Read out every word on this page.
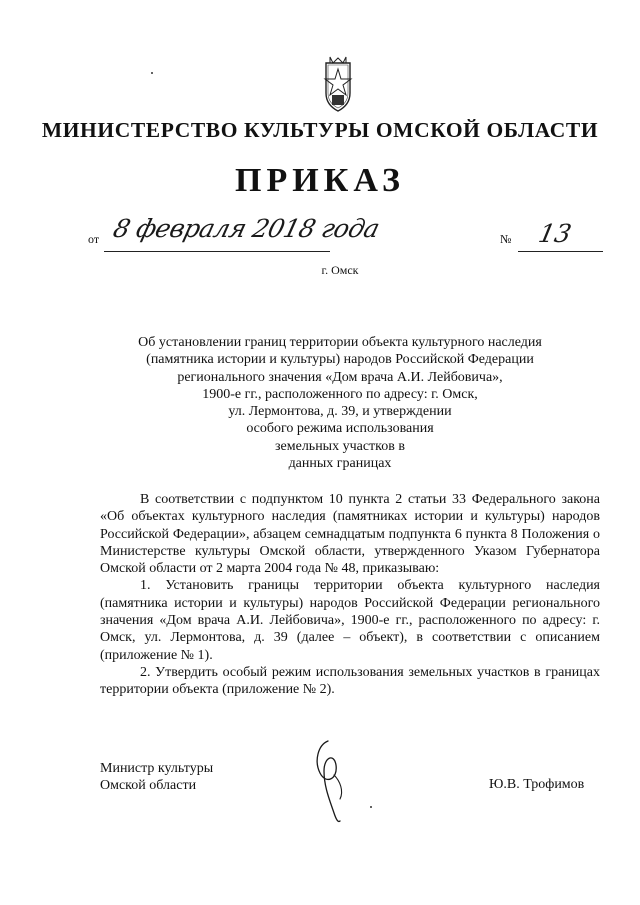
МИНИСТЕРСТВО КУЛЬТУРЫ ОМСКОЙ ОБЛАСТИ
ПРИКАЗ
от 8 февраля 2018 года	№ 13
г. Омск
Об установлении границ территории объекта культурного наследия
(памятника истории и культуры) народов Российской Федерации
регионального значения «Дом врача А.И. Лейбовича»,
1900-е гг., расположенного по адресу: г. Омск,
ул. Лермонтова, д. 39, и утверждении
особого режима использования
земельных участков в
данных границах

В соответствии с подпунктом 10 пункта 2 статьи 33 Федерального закона «Об объектах культурного наследия (памятниках истории и культуры) народов Российской Федерации», абзацем семнадцатым подпункта 6 пункта 8 Положения о Министерстве культуры Омской области, утвержденного Указом Губернатора Омской области от 2 марта 2004 года № 48, приказываю:

1. Установить границы территории объекта культурного наследия (памятника истории и культуры) народов Российской Федерации регионального значения «Дом врача А.И. Лейбовича», 1900-е гг., расположенного по адресу: г. Омск, ул. Лермонтова, д. 39 (далее – объект), в соответствии с описанием (приложение № 1).

2. Утвердить особый режим использования земельных участков в границах территории объекта (приложение № 2).

Министр культуры
Омской области	Ю.В. Трофимов
